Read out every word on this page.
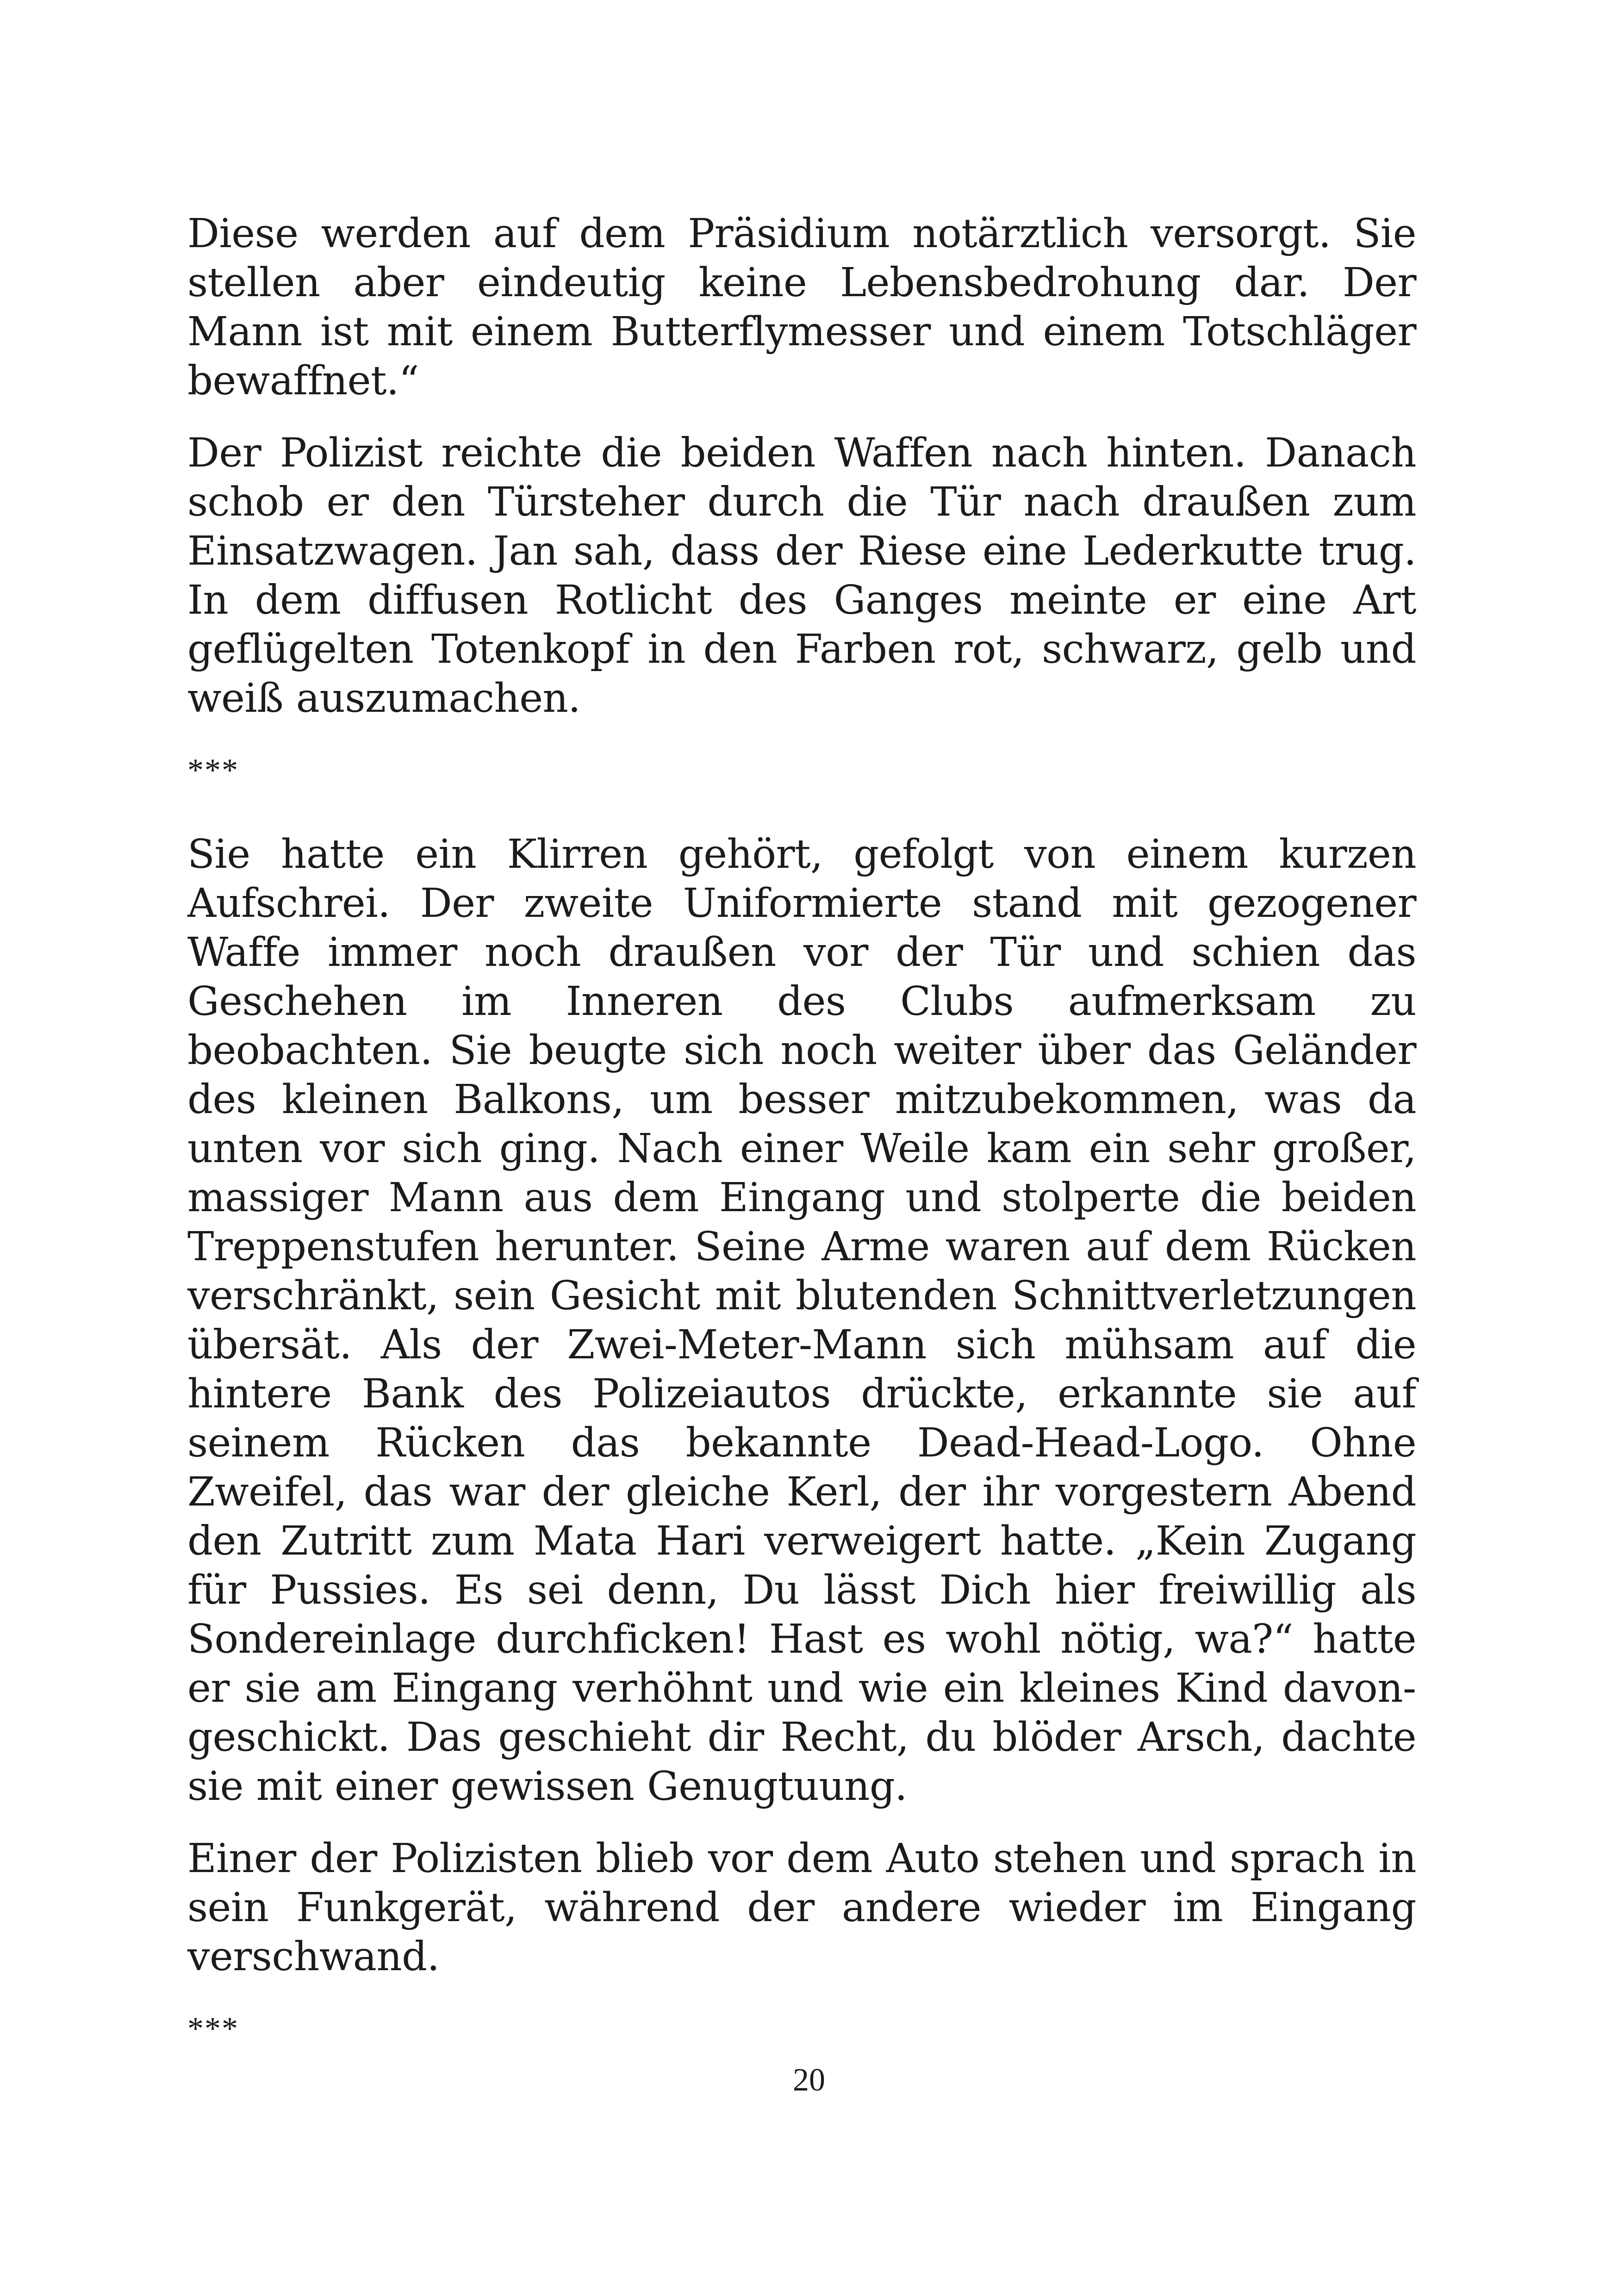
Diese werden auf dem Präsidium notärztlich versorgt. Sie stellen aber eindeutig keine Lebensbedrohung dar. Der Mann ist mit einem Butterflymesser und einem Totschläger bewaffnet.“

Der Polizist reichte die beiden Waffen nach hinten. Danach schob er den Türsteher durch die Tür nach draußen zum Einsatzwagen. Jan sah, dass der Riese eine Lederkutte trug. In dem diffusen Rotlicht des Ganges meinte er eine Art geflügelten Totenkopf in den Farben rot, schwarz, gelb und weiß auszumachen.

***

Sie hatte ein Klirren gehört, gefolgt von einem kurzen Aufschrei. Der zweite Uniformierte stand mit gezogener Waffe immer noch draußen vor der Tür und schien das Geschehen im Inneren des Clubs aufmerksam zu beobachten. Sie beugte sich noch weiter über das Geländer des kleinen Balkons, um besser mitzubekommen, was da unten vor sich ging. Nach einer Weile kam ein sehr großer, massiger Mann aus dem Eingang und stolperte die beiden Treppenstufen herunter. Seine Arme waren auf dem Rücken verschränkt, sein Gesicht mit blutenden Schnittverletzungen übersät. Als der Zwei-Meter-Mann sich mühsam auf die hintere Bank des Polizeiautos drückte, erkannte sie auf seinem Rücken das bekannte Dead-Head-Logo. Ohne Zweifel, das war der gleiche Kerl, der ihr vorgestern Abend den Zutritt zum Mata Hari verweigert hatte. „Kein Zugang für Pussies. Es sei denn, Du lässt Dich hier freiwillig als Sondereinlage durchficken! Hast es wohl nötig, wa?“ hatte er sie am Eingang verhöhnt und wie ein kleines Kind davongeschickt. Das geschieht dir Recht, du blöder Arsch, dachte sie mit einer gewissen Genugtuung.

Einer der Polizisten blieb vor dem Auto stehen und sprach in sein Funkgerät, während der andere wieder im Eingang verschwand.

***
20
